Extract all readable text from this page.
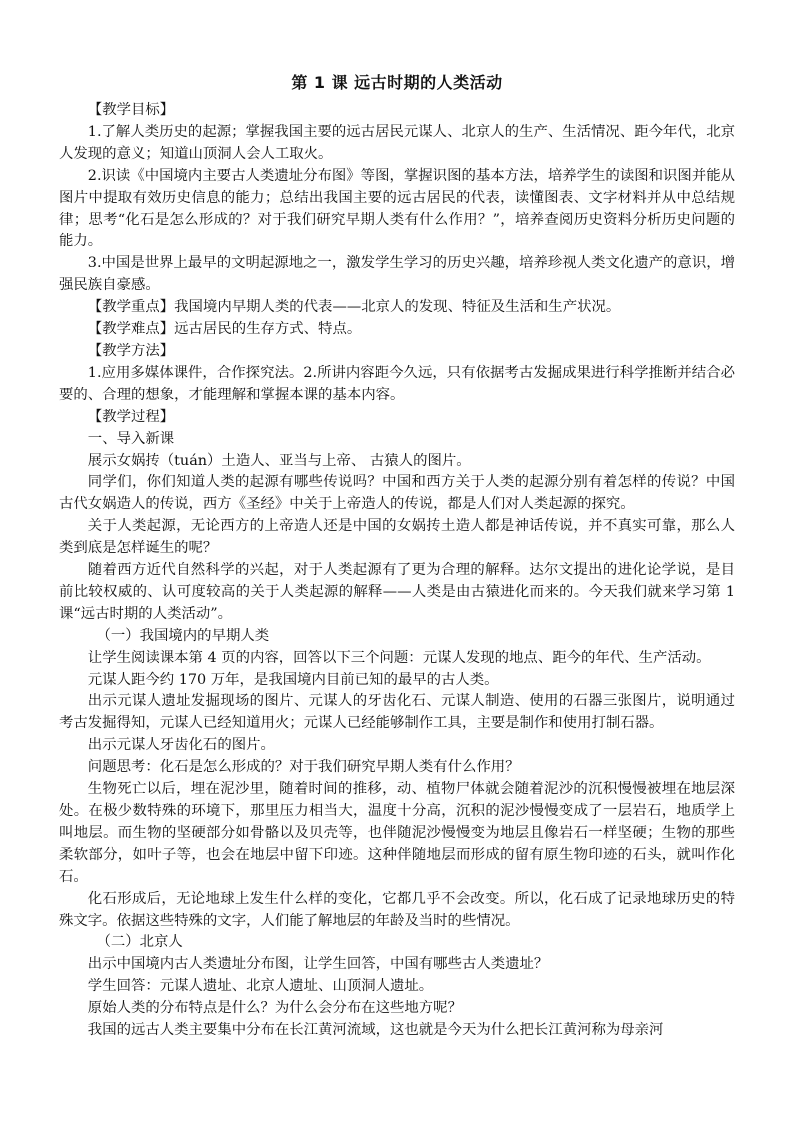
第 1 课 远古时期的人类活动

【教学目标】

1.了解人类历史的起源；掌握我国主要的远古居民元谋人、北京人的生产、生活情况、距今年代，北京人发现的意义；知道山顶洞人会人工取火。

2.识读《中国境内主要古人类遗址分布图》等图，掌握识图的基本方法，培养学生的读图和识图并能从图片中提取有效历史信息的能力；总结出我国主要的远古居民的代表，读懂图表、文字材料并从中总结规律；思考“化石是怎么形成的？对于我们研究早期人类有什么作用？”，培养查阅历史资料分析历史问题的能力。

3.中国是世界上最早的文明起源地之一，激发学生学习的历史兴趣，培养珍视人类文化遗产的意识，增强民族自豪感。

【教学重点】我国境内早期人类的代表——北京人的发现、特征及生活和生产状况。

【教学难点】远古居民的生存方式、特点。

【教学方法】

1.应用多媒体课件，合作探究法。2.所讲内容距今久远，只有依据考古发掘成果进行科学推断并结合必要的、合理的想象，才能理解和掌握本课的基本内容。

【教学过程】

一、导入新课

展示女娲抟（tuán）土造人、亚当与上帝、 古猿人的图片。

同学们，你们知道人类的起源有哪些传说吗？中国和西方关于人类的起源分别有着怎样的传说？中国古代女娲造人的传说，西方《圣经》中关于上帝造人的传说，都是人们对人类起源的探究。

关于人类起源，无论西方的上帝造人还是中国的女娲抟土造人都是神话传说，并不真实可靠，那么人类到底是怎样诞生的呢？

随着西方近代自然科学的兴起，对于人类起源有了更为合理的解释。达尔文提出的进化论学说，是目前比较权威的、认可度较高的关于人类起源的解释——人类是由古猿进化而来的。今天我们就来学习第 1 课“远古时期的人类活动”。

（一）我国境内的早期人类

让学生阅读课本第 4 页的内容，回答以下三个问题：元谋人发现的地点、距今的年代、生产活动。

元谋人距今约 170 万年，是我国境内目前已知的最早的古人类。

出示元谋人遗址发掘现场的图片、元谋人的牙齿化石、元谋人制造、使用的石器三张图片，说明通过考古发掘得知，元谋人已经知道用火；元谋人已经能够制作工具，主要是制作和使用打制石器。

出示元谋人牙齿化石的图片。

问题思考：化石是怎么形成的？对于我们研究早期人类有什么作用？

生物死亡以后，埋在泥沙里，随着时间的推移，动、植物尸体就会随着泥沙的沉积慢慢被埋在地层深处。在极少数特殊的环境下，那里压力相当大，温度十分高，沉积的泥沙慢慢变成了一层岩石，地质学上叫地层。而生物的坚硬部分如骨骼以及贝壳等，也伴随泥沙慢慢变为地层且像岩石一样坚硬；生物的那些柔软部分，如叶子等，也会在地层中留下印迹。这种伴随地层而形成的留有原生物印迹的石头，就叫作化石。

化石形成后，无论地球上发生什么样的变化，它都几乎不会改变。所以，化石成了记录地球历史的特殊文字。依据这些特殊的文字，人们能了解地层的年龄及当时的些情况。

（二）北京人

出示中国境内古人类遗址分布图，让学生回答，中国有哪些古人类遗址？

学生回答：元谋人遗址、北京人遗址、山顶洞人遗址。

原始人类的分布特点是什么？为什么会分布在这些地方呢？

我国的远古人类主要集中分布在长江黄河流域，这也就是今天为什么把长江黄河称为母亲河
